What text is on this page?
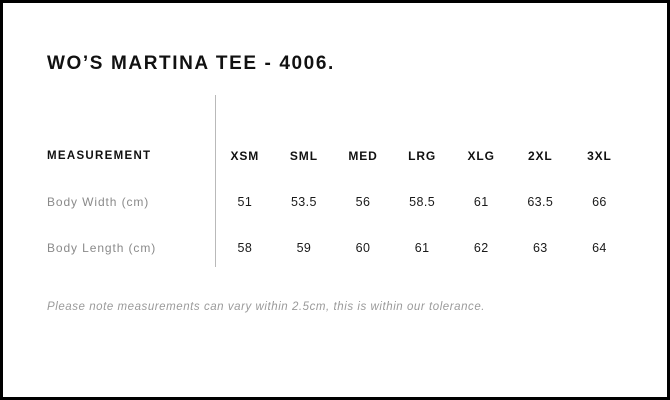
WO’S MARTINA TEE - 4006.
MEASUREMENT	XSM	SML	MED	LRG	XLG	2XL	3XL
Body Width (cm)	51	53.5	56	58.5	61	63.5	66
Body Length (cm)	58	59	60	61	62	63	64
Please note measurements can vary within 2.5cm, this is within our tolerance.
